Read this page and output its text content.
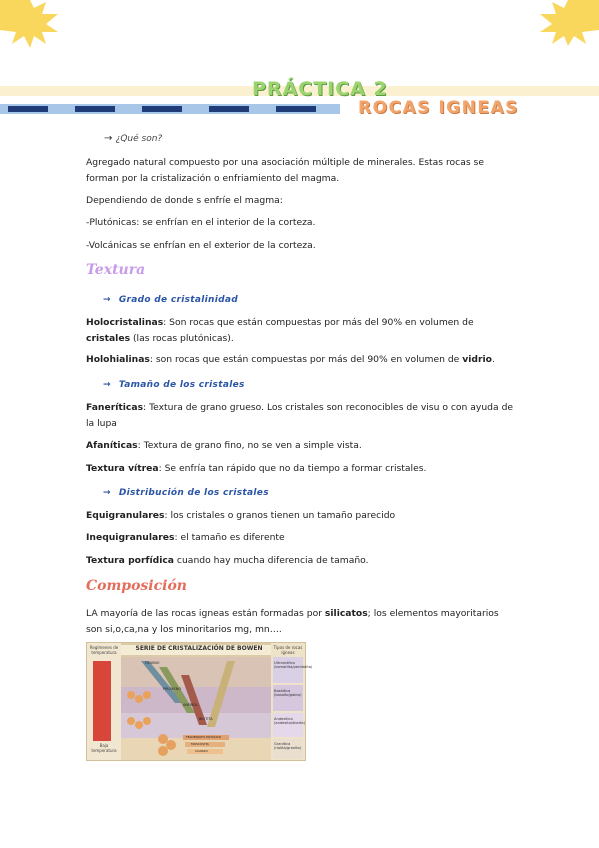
PRÁCTICA 2
ROCAS IGNEAS
→ ¿Qué son?
Agregado natural compuesto por una asociación múltiple de minerales. Estas rocas se forman por la cristalización o enfriamiento del magma.
Dependiendo de donde s enfríe el magma:
-Plutónicas: se enfrían en el interior de la corteza.
-Volcánicas se enfrían en el exterior de la corteza.
Textura
→ Grado de cristalinidad
Holocristalinas: Son rocas que están compuestas por más del 90% en volumen de cristales (las rocas plutónicas).
Holohialinas: son rocas que están compuestas por más del 90% en volumen de vidrio.
→ Tamaño de los cristales
Faneríticas: Textura de grano grueso. Los cristales son reconocibles de visu o con ayuda de la lupa
Afaníticas: Textura de grano fino, no se ven a simple vista.
Textura vítrea: Se enfría tan rápido que no da tiempo a formar cristales.
→ Distribución de los cristales
Equigranulares: los cristales o granos tienen un tamaño parecido
Inequigranulares: el tamaño es diferente
Textura porfídica cuando hay mucha diferencia de tamaño.
Composición
LA mayoría de las rocas igneas están formadas por silicatos; los elementos mayoritarios son si,o,ca,na y los minoritarios mg, mn….
SERIE DE CRISTALIZACIÓN DE BOWEN
Regímenes de temperatura
Tipos de rocas ígneas
Baja temperatura
Ultramáfica (komatiita/peridotita)
Basáltica (basalto/gabro)
Andesítica (andesita/diorita)
Granítica (riolita/granito)
OLIVINO
PIROXENO
ANFÍBOL
BIOTITA
FELDESPATO POTÁSICO
MOSCOVITA
CUARZO
